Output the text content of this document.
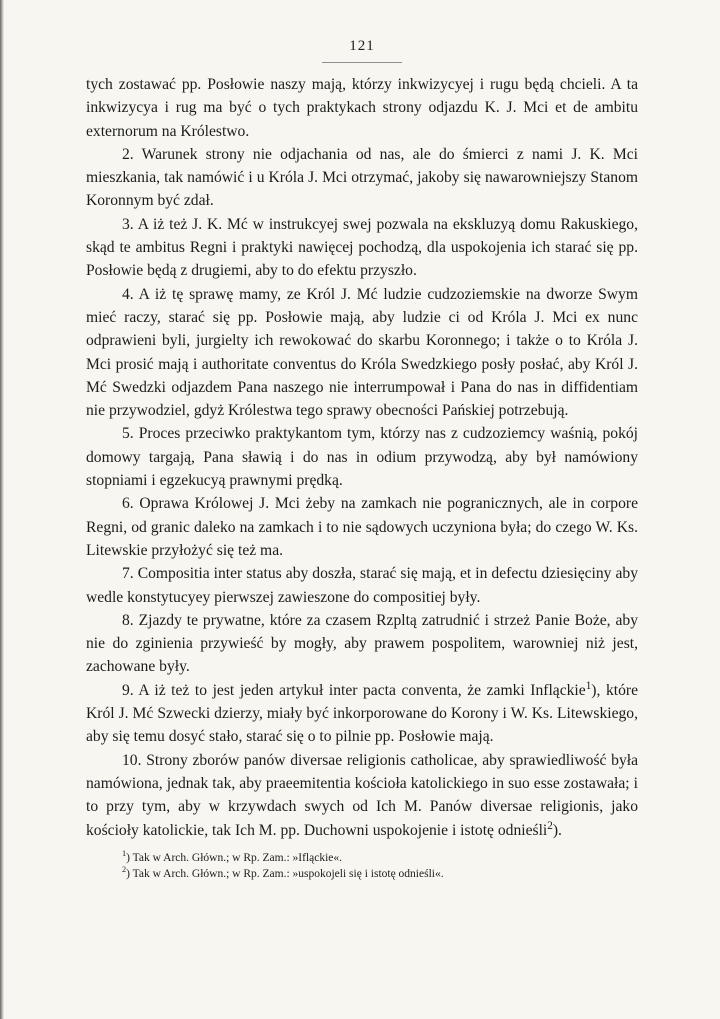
121

tych zostawać pp. Posłowie naszy mają, którzy inkwizycyej i rugu będą chcieli. A ta inkwizycya i rug ma być o tych praktykach strony odjazdu K. J. Mci et de ambitu externorum na Królestwo.

2. Warunek strony nie odjachania od nas, ale do śmierci z nami J. K. Mci mieszkania, tak namówić i u Króla J. Mci otrzymać, jakoby się nawarowniejszy Stanom Koronnym być zdał.

3. A iż też J. K. Mć w instrukcyej swej pozwala na ekskluzyą domu Rakuskiego, skąd te ambitus Regni i praktyki nawięcej pochodzą, dla uspokojenia ich starać się pp. Posłowie będą z drugiemi, aby to do efektu przyszło.

4. A iż tę sprawę mamy, ze Król J. Mć ludzie cudzoziemskie na dworze Swym mieć raczy, starać się pp. Posłowie mają, aby ludzie ci od Króla J. Mci ex nunc odprawieni byli, jurgielty ich rewokować do skarbu Koronnego; i także o to Króla J. Mci prosić mają i authoritate conventus do Króla Swedzkiego posły posłać, aby Król J. Mć Swedzki odjazdem Pana naszego nie interrumpował i Pana do nas in diffidentiam nie przywodziel, gdyż Królestwa tego sprawy obecności Pańskiej potrzebują.

5. Proces przeciwko praktykantom tym, którzy nas z cudzoziemcy waśnią, pokój domowy targają, Pana sławią i do nas in odium przywodzą, aby był namówiony stopniami i egzekucyą prawnymi prędką.

6. Oprawa Królowej J. Mci żeby na zamkach nie pogranicznych, ale in corpore Regni, od granic daleko na zamkach i to nie sądowych uczyniona była; do czego W. Ks. Litewskie przyłożyć się też ma.

7. Compositia inter status aby doszła, starać się mają, et in defectu dziesięciny aby wedle konstytucyey pierwszej zawieszone do compositiej były.

8. Zjazdy te prywatne, które za czasem Rzpltą zatrudnić i strzeż Panie Boże, aby nie do zginienia przywieść by mogły, aby prawem pospolitem, warowniej niż jest, zachowane były.

9. A iż też to jest jeden artykuł inter pacta conventa, że zamki Infląckie$^1$), które Król J. Mć Szwecki dzierzy, miały być inkorporowane do Korony i W. Ks. Litewskiego, aby się temu dosyć stało, starać się o to pilnie pp. Posłowie mają.

10. Strony zborów panów diversae religionis catholicae, aby sprawiedliwość była namówiona, jednak tak, aby praeemitentia kościoła katolickiego in suo esse zostawała; i to przy tym, aby w krzywdach swych od Ich M. Panów diversae religionis, jako kościoły katolickie, tak Ich M. pp. Duchowni uspokojenie i istotę odnieśli$^2$).

$^1$) Tak w Arch. Główn.; w Rp. Zam.: »Ifląckie«.

$^2$) Tak w Arch. Główn.; w Rp. Zam.: »uspokojeli się i istotę odnieśli«.
